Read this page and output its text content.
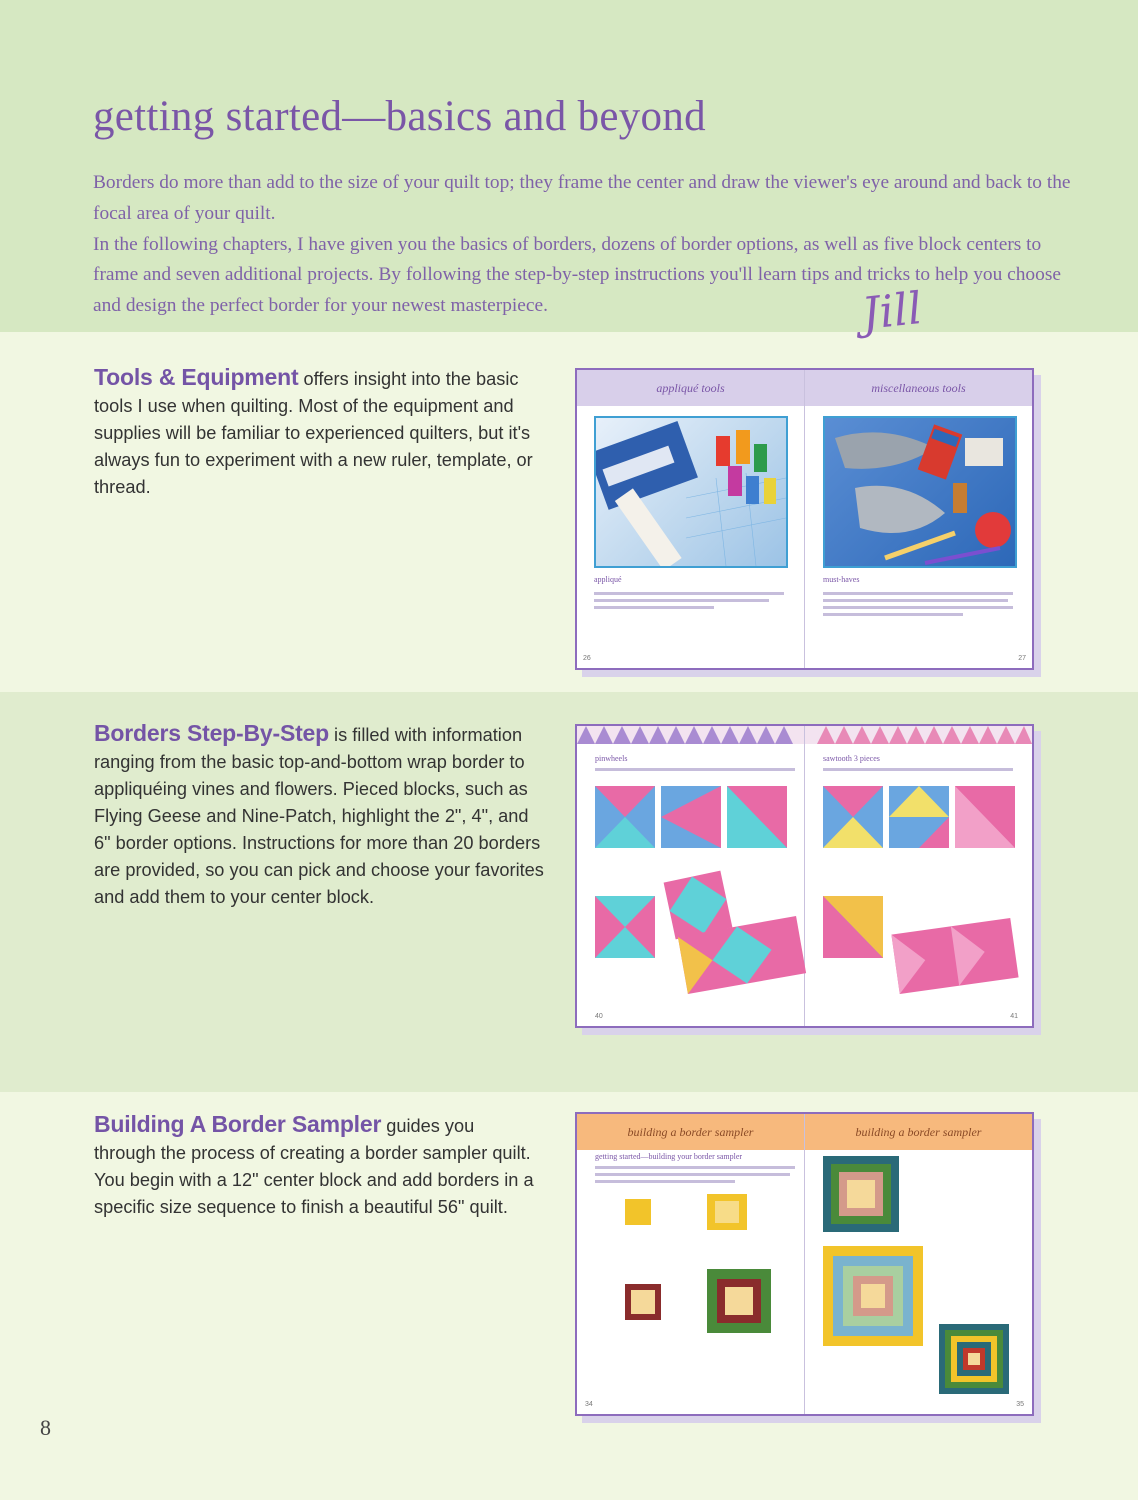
getting started—basics and beyond

Borders do more than add to the size of your quilt top; they frame the center and draw the viewer's eye around and back to the focal area of your quilt.

In the following chapters, I have given you the basics of borders, dozens of border options, as well as five block centers to frame and seven additional projects. By following the step-by-step instructions you'll learn tips and tricks to help you choose and design the perfect border for your newest masterpiece.	Jill

Tools & Equipment offers insight into the basic tools I use when quilting. Most of the equipment and supplies will be familiar to experienced quilters, but it's always fun to experiment with a new ruler, template, or thread.

appliqué tools	miscellaneous tools
appliqué	must-haves
26	27

Borders Step-By-Step is filled with information ranging from the basic top-and-bottom wrap border to appliquéing vines and flowers. Pieced blocks, such as Flying Geese and Nine-Patch, highlight the 2", 4", and 6" border options. Instructions for more than 20 borders are provided, so you can pick and choose your favorites and add them to your center block.

pinwheels	sawtooth 3 pieces
40	41

Building A Border Sampler guides you through the process of creating a border sampler quilt. You begin with a 12" center block and add borders in a specific size sequence to finish a beautiful 56" quilt.

building a border sampler	building a border sampler
getting started—building your border sampler
34	35
8
